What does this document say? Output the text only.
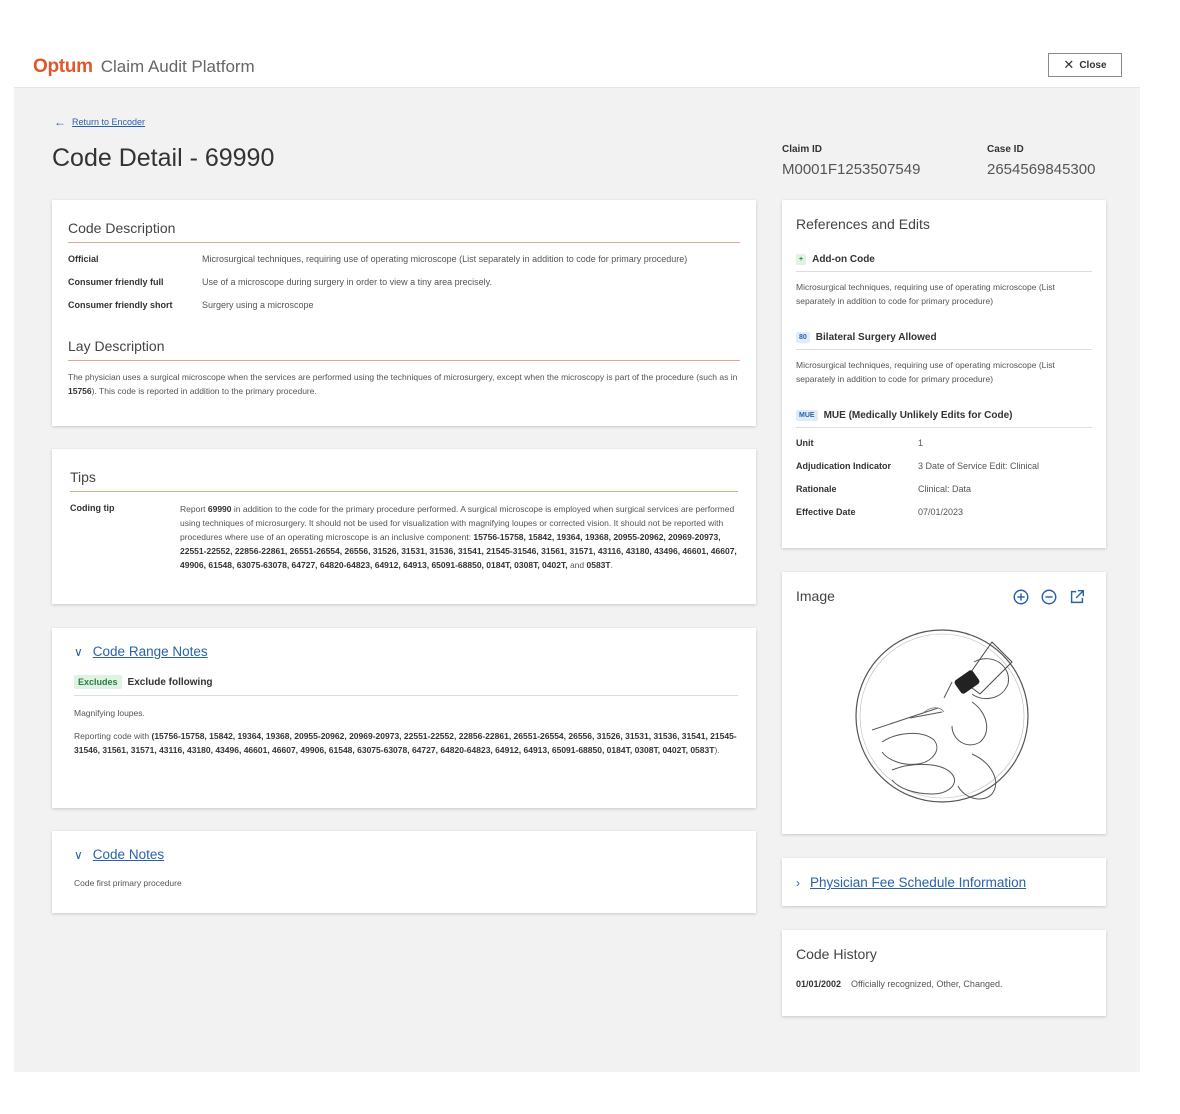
Optum Claim Audit Platform	✕ Close
← Return to Encoder
Code Detail - 69990	Claim ID
M0001F1253507549
Case ID
2654569845300
Code Description
Official	Microsurgical techniques, requiring use of operating microscope (List separately in addition to code for primary procedure)
Consumer friendly full	Use of a microscope during surgery in order to view a tiny area precisely.
Consumer friendly short	Surgery using a microscope
Lay Description
The physician uses a surgical microscope when the services are performed using the techniques of microsurgery, except when the microscopy is part of the procedure (such as in 15756). This code is reported in addition to the primary procedure.
Tips
Coding tip	Report 69990 in addition to the code for the primary procedure performed. A surgical microscope is employed when surgical services are performed using techniques of microsurgery. It should not be used for visualization with magnifying loupes or corrected vision. It should not be reported with procedures where use of an operating microscope is an inclusive component: 15756-15758, 15842, 19364, 19368, 20955-20962, 20969-20973, 22551-22552, 22856-22861, 26551-26554, 26556, 31526, 31531, 31536, 31541, 21545-31546, 31561, 31571, 43116, 43180, 43496, 46601, 46607, 49906, 61548, 63075-63078, 64727, 64820-64823, 64912, 64913, 65091-68850, 0184T, 0308T, 0402T, and 0583T.
∨ Code Range Notes
Excludes	Exclude following
Magnifying loupes.
Reporting code with (15756-15758, 15842, 19364, 19368, 20955-20962, 20969-20973, 22551-22552, 22856-22861, 26551-26554, 26556, 31526, 31531, 31536, 31541, 21545-31546, 31561, 31571, 43116, 43180, 43496, 46601, 46607, 49906, 61548, 63075-63078, 64727, 64820-64823, 64912, 64913, 65091-68850, 0184T, 0308T, 0402T, 0583T).
∨ Code Notes
Code first primary procedure
References and Edits
+ Add-on Code
Microsurgical techniques, requiring use of operating microscope (List separately in addition to code for primary procedure)
80 Bilateral Surgery Allowed
Microsurgical techniques, requiring use of operating microscope (List separately in addition to code for primary procedure)
MUE MUE (Medically Unlikely Edits for Code)
Unit	1
Adjudication Indicator	3 Date of Service Edit: Clinical
Rationale	Clinical: Data
Effective Date	07/01/2023
Image
› Physician Fee Schedule Information
Code History
01/01/2002 Officially recognized, Other, Changed.
